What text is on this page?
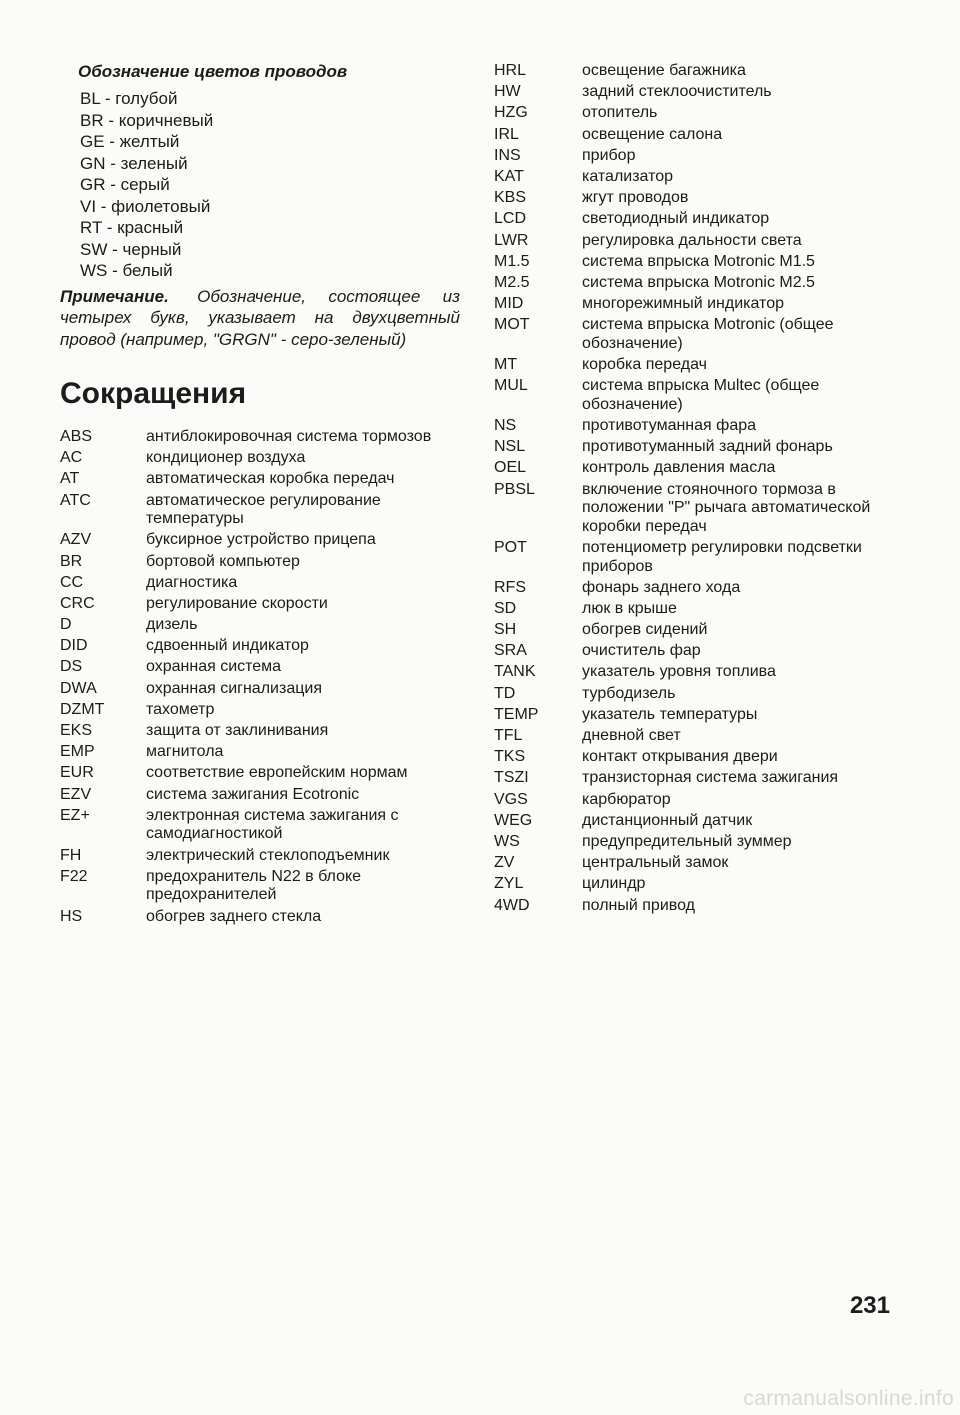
Обозначение цветов проводов
BL - голубой
BR - коричневый
GE - желтый
GN - зеленый
GR - серый
VI - фиолетовый
RT - красный
SW - черный
WS - белый
Примечание. Обозначение, состоящее из четырех букв, указывает на двухцветный провод (например, "GRGN" - серо-зеленый)
Сокращения
ABS	антиблокировочная система тормозов
AC	кондиционер воздуха
AT	автоматическая коробка передач
ATC	автоматическое регулирование температуры
AZV	буксирное устройство прицепа
BR	бортовой компьютер
CC	диагностика
CRC	регулирование скорости
D	дизель
DID	сдвоенный индикатор
DS	охранная система
DWA	охранная сигнализация
DZMT	тахометр
EKS	защита от заклинивания
EMP	магнитола
EUR	соответствие европейским нормам
EZV	система зажигания Ecotronic
EZ+	электронная система зажигания с самодиагностикой
FH	электрический стеклоподъемник
F22	предохранитель N22 в блоке предохранителей
HS	обогрев заднего стекла
HRL	освещение багажника
HW	задний стеклоочиститель
HZG	отопитель
IRL	освещение салона
INS	прибор
KAT	катализатор
KBS	жгут проводов
LCD	светодиодный индикатор
LWR	регулировка дальности света
M1.5	система впрыска Motronic M1.5
M2.5	система впрыска Motronic M2.5
MID	многорежимный индикатор
MOT	система впрыска Motronic (общее обозначение)
MT	коробка передач
MUL	система впрыска Multec (общее обозначение)
NS	противотуманная фара
NSL	противотуманный задний фонарь
OEL	контроль давления масла
PBSL	включение стояночного тормоза в положении "P" рычага автоматической коробки передач
POT	потенциометр регулировки подсветки приборов
RFS	фонарь заднего хода
SD	люк в крыше
SH	обогрев сидений
SRA	очиститель фар
TANK	указатель уровня топлива
TD	турбодизель
TEMP	указатель температуры
TFL	дневной свет
TKS	контакт открывания двери
TSZI	транзисторная система зажигания
VGS	карбюратор
WEG	дистанционный датчик
WS	предупредительный зуммер
ZV	центральный замок
ZYL	цилиндр
4WD	полный привод
231
carmanualsonline.info
